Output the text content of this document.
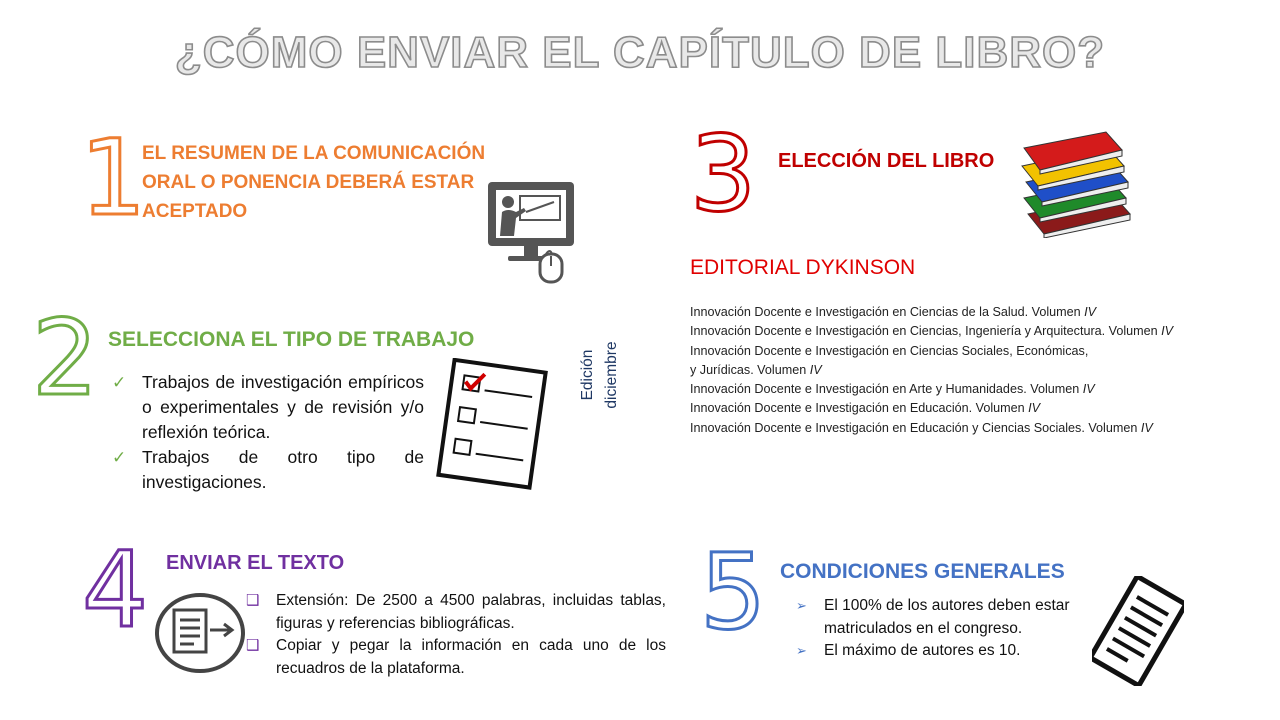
¿CÓMO ENVIAR EL CAPÍTULO DE LIBRO?
1
EL RESUMEN DE LA COMUNICACIÓN
ORAL O PONENCIA DEBERÁ ESTAR
ACEPTADO
2 SELECCIONA EL TIPO DE TRABAJO
✓ Trabajos de investigación empíricos o experimentales y de revisión y/o reflexión teórica.
✓ Trabajos de otro tipo de investigaciones.
3 ELECCIÓN DEL LIBRO
EDITORIAL DYKINSON
Edición diciembre
Innovación Docente e Investigación en Ciencias de la Salud. Volumen IV
Innovación Docente e Investigación en Ciencias, Ingeniería y Arquitectura. Volumen IV
Innovación Docente e Investigación en Ciencias Sociales, Económicas,
y Jurídicas. Volumen IV
Innovación Docente e Investigación en Arte y Humanidades. Volumen IV
Innovación Docente e Investigación en Educación. Volumen IV
Innovación Docente e Investigación en Educación y Ciencias Sociales. Volumen IV
4 ENVIAR EL TEXTO
❑ Extensión: De 2500 a 4500 palabras, incluidas tablas, figuras y referencias bibliográficas.
❑ Copiar y pegar la información en cada uno de los recuadros de la plataforma.
5 CONDICIONES GENERALES
➢ El 100% de los autores deben estar matriculados en el congreso.
➢ El máximo de autores es 10.
